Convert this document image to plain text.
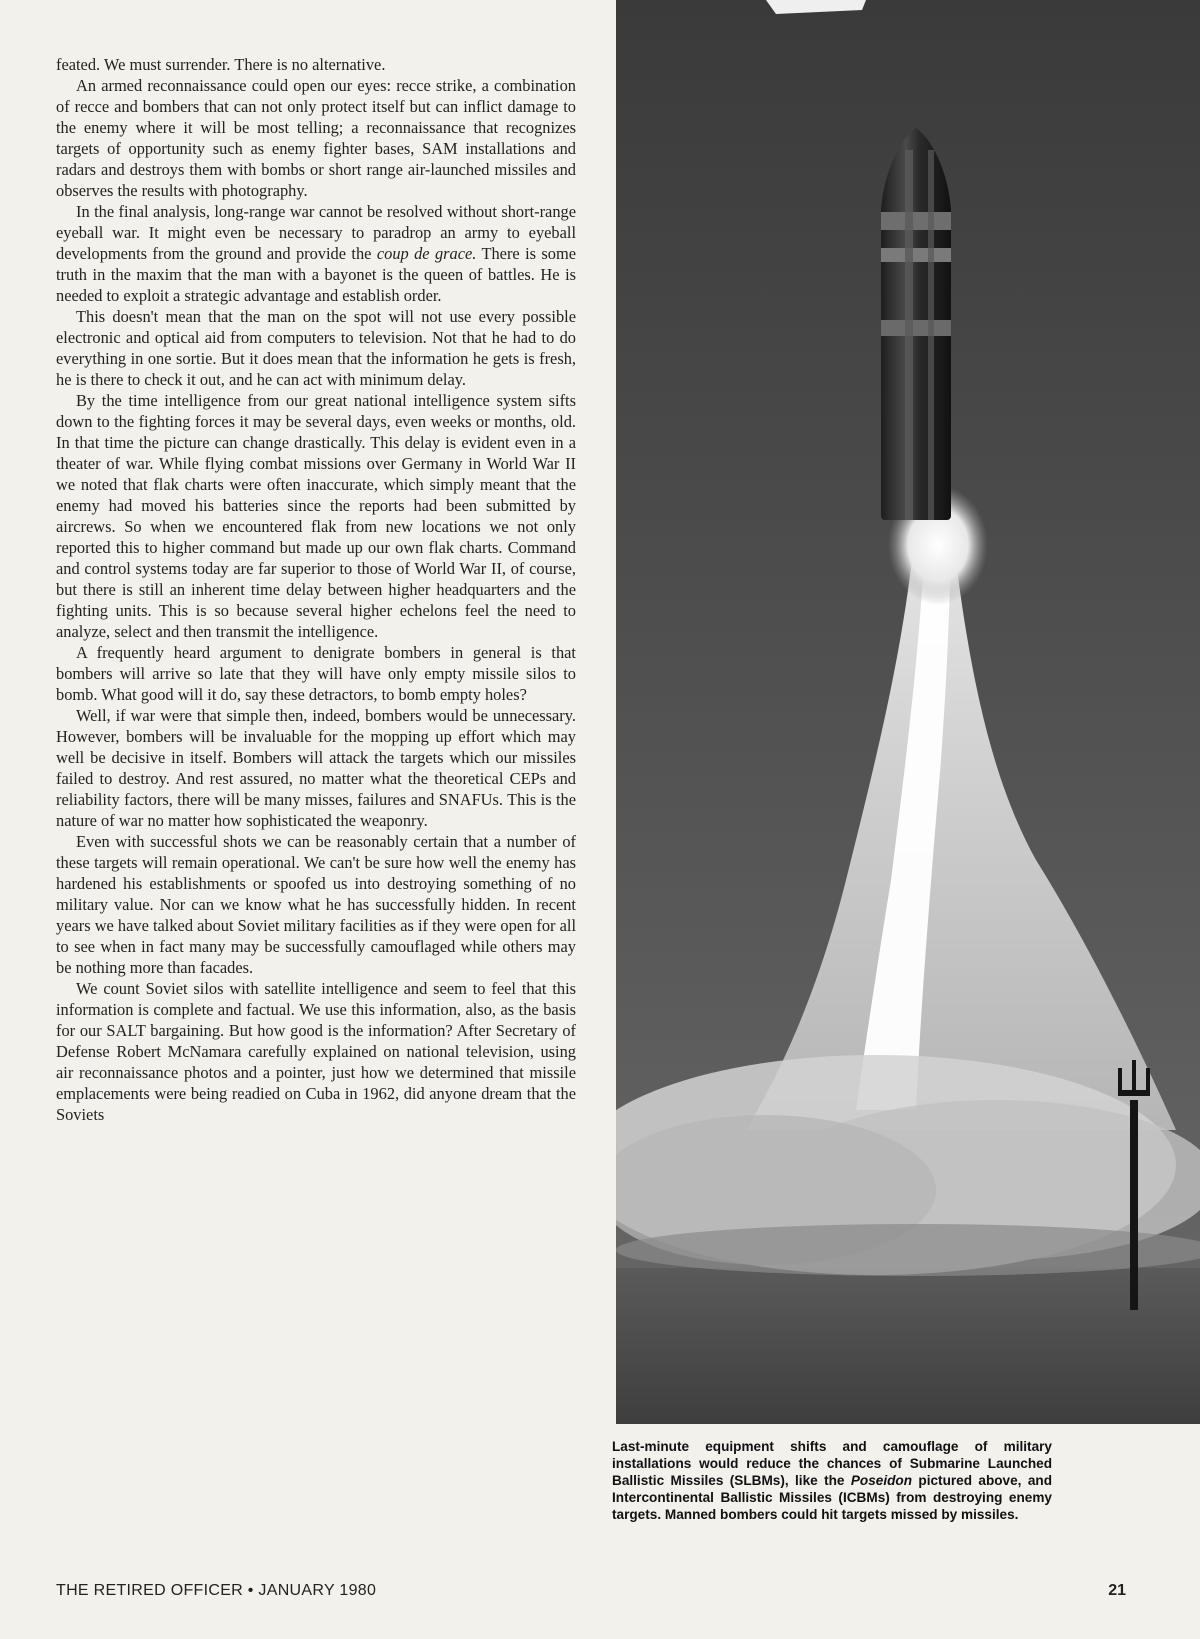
feated. We must surrender. There is no alternative.

An armed reconnaissance could open our eyes: recce strike, a combination of recce and bombers that can not only protect itself but can inflict damage to the enemy where it will be most telling; a reconnaissance that recognizes targets of opportunity such as enemy fighter bases, SAM installations and radars and destroys them with bombs or short range air-launched missiles and observes the results with photography.

In the final analysis, long-range war cannot be resolved without short-range eyeball war. It might even be necessary to paradrop an army to eyeball developments from the ground and provide the coup de grace. There is some truth in the maxim that the man with a bayonet is the queen of battles. He is needed to exploit a strategic advantage and establish order.

This doesn't mean that the man on the spot will not use every possible electronic and optical aid from computers to television. Not that he had to do everything in one sortie. But it does mean that the information he gets is fresh, he is there to check it out, and he can act with minimum delay.

By the time intelligence from our great national intelligence system sifts down to the fighting forces it may be several days, even weeks or months, old. In that time the picture can change drastically. This delay is evident even in a theater of war. While flying combat missions over Germany in World War II we noted that flak charts were often inaccurate, which simply meant that the enemy had moved his batteries since the reports had been submitted by aircrews. So when we encountered flak from new locations we not only reported this to higher command but made up our own flak charts. Command and control systems today are far superior to those of World War II, of course, but there is still an inherent time delay between higher headquarters and the fighting units. This is so because several higher echelons feel the need to analyze, select and then transmit the intelligence.

A frequently heard argument to denigrate bombers in general is that bombers will arrive so late that they will have only empty missile silos to bomb. What good will it do, say these detractors, to bomb empty holes?

Well, if war were that simple then, indeed, bombers would be unnecessary. However, bombers will be invaluable for the mopping up effort which may well be decisive in itself. Bombers will attack the targets which our missiles failed to destroy. And rest assured, no matter what the theoretical CEPs and reliability factors, there will be many misses, failures and SNAFUs. This is the nature of war no matter how sophisticated the weaponry.

Even with successful shots we can be reasonably certain that a number of these targets will remain operational. We can't be sure how well the enemy has hardened his establishments or spoofed us into destroying something of no military value. Nor can we know what he has successfully hidden. In recent years we have talked about Soviet military facilities as if they were open for all to see when in fact many may be successfully camouflaged while others may be nothing more than facades.

We count Soviet silos with satellite intelligence and seem to feel that this information is complete and factual. We use this information, also, as the basis for our SALT bargaining. But how good is the information? After Secretary of Defense Robert McNamara carefully explained on national television, using air reconnaissance photos and a pointer, just how we determined that missile emplacements were being readied on Cuba in 1962, did anyone dream that the Soviets

Last-minute equipment shifts and camouflage of military installations would reduce the chances of Submarine Launched Ballistic Missiles (SLBMs), like the Poseidon pictured above, and Intercontinental Ballistic Missiles (ICBMs) from destroying enemy targets. Manned bombers could hit targets missed by missiles.
THE RETIRED OFFICER • JANUARY 1980	21
